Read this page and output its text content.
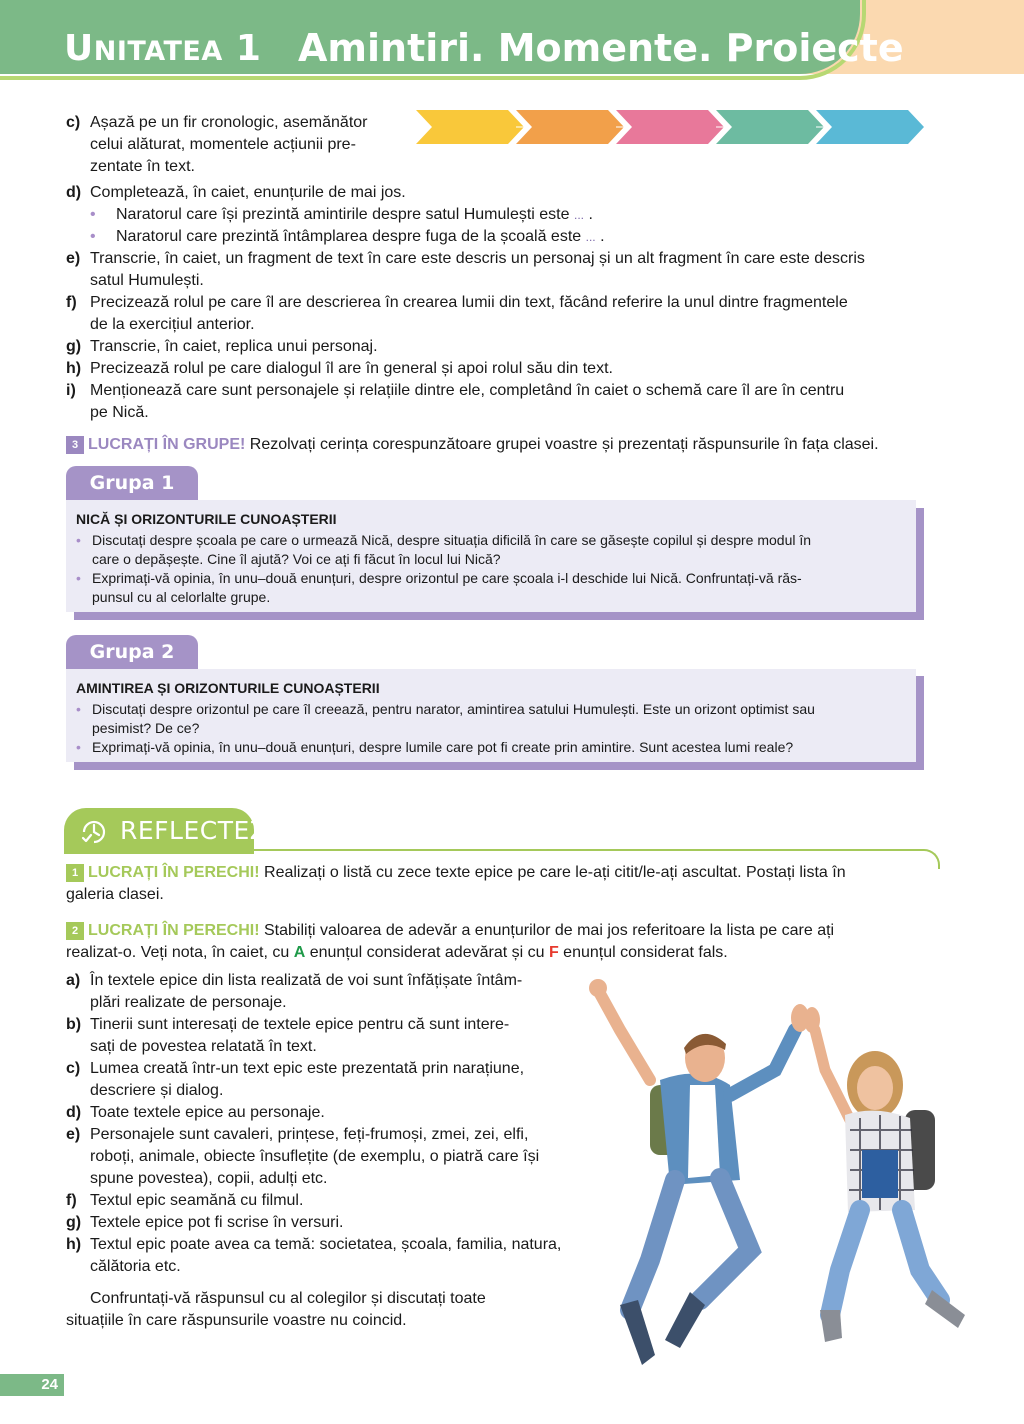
UNITATEA 1 Amintiri. Momente. Proiecte
c) Așază pe un fir cronologic, asemănător
celui alăturat, momentele acțiunii pre-
zentate în text.
d) Completează, în caiet, enunțurile de mai jos.
• Naratorul care își prezintă amintirile despre satul Humulești este ... .
• Naratorul care prezintă întâmplarea despre fuga de la școală este ... .
e) Transcrie, în caiet, un fragment de text în care este descris un personaj și un alt fragment în care este descris
satul Humulești.
f) Precizează rolul pe care îl are descrierea în crearea lumii din text, făcând referire la unul dintre fragmentele
de la exercițiul anterior.
g) Transcrie, în caiet, replica unui personaj.
h) Precizează rolul pe care dialogul îl are în general și apoi rolul său din text.
i) Menționează care sunt personajele și relațiile dintre ele, completând în caiet o schemă care îl are în centru
pe Nică.
3 LUCRAȚI ÎN GRUPE! Rezolvați cerința corespunzătoare grupei voastre și prezentați răspunsurile în fața clasei.
Grupa 1
NICĂ ȘI ORIZONTURILE CUNOAȘTERII
• Discutați despre școala pe care o urmează Nică, despre situația dificilă în care se găsește copilul și despre modul în
care o depășește. Cine îl ajută? Voi ce ați fi făcut în locul lui Nică?
• Exprimați-vă opinia, în unu–două enunțuri, despre orizontul pe care școala i-l deschide lui Nică. Confruntați-vă răs-
punsul cu al celorlalte grupe.
Grupa 2
AMINTIREA ȘI ORIZONTURILE CUNOAȘTERII
• Discutați despre orizontul pe care îl creează, pentru narator, amintirea satului Humulești. Este un orizont optimist sau
pesimist? De ce?
• Exprimați-vă opinia, în unu–două enunțuri, despre lumile care pot fi create prin amintire. Sunt acestea lumi reale?
REFLECTEZ
1 LUCRAȚI ÎN PERECHI! Realizați o listă cu zece texte epice pe care le-ați citit/le-ați ascultat. Postați lista în
galeria clasei.
2 LUCRAȚI ÎN PERECHI! Stabiliți valoarea de adevăr a enunțurilor de mai jos referitoare la lista pe care ați
realizat-o. Veți nota, în caiet, cu A enunțul considerat adevărat și cu F enunțul considerat fals.
a) În textele epice din lista realizată de voi sunt înfățișate întâm-
plări realizate de personaje.
b) Tinerii sunt interesați de textele epice pentru că sunt intere-
sați de povestea relatată în text.
c) Lumea creată într-un text epic este prezentată prin narațiune,
descriere și dialog.
d) Toate textele epice au personaje.
e) Personajele sunt cavaleri, prințese, feți-frumoși, zmei, zei, elfi,
roboți, animale, obiecte însuflețite (de exemplu, o piatră care își
spune povestea), copii, adulți etc.
f) Textul epic seamănă cu filmul.
g) Textele epice pot fi scrise în versuri.
h) Textul epic poate avea ca temă: societatea, școala, familia, natura,
călătoria etc.
Confruntați-vă răspunsul cu al colegilor și discutați toate
situațiile în care răspunsurile voastre nu coincid.
24
